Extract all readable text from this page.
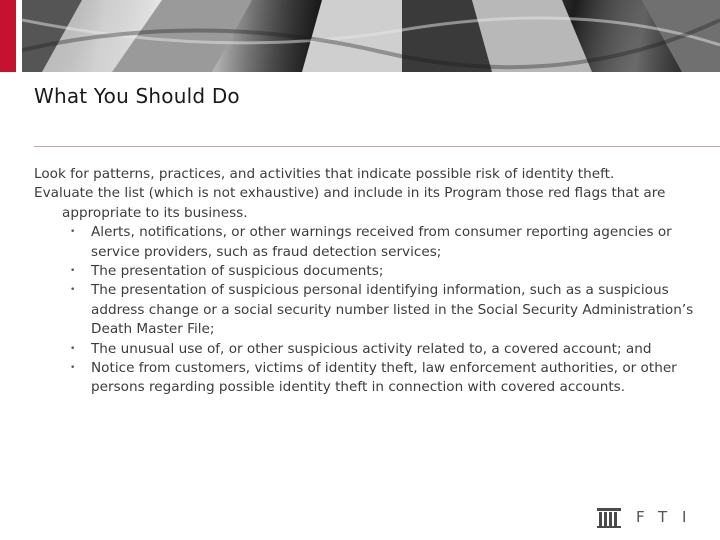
What You Should Do

Look for patterns, practices, and activities that indicate possible risk of identity theft.

Evaluate the list (which is not exhaustive) and include in its Program those red flags that are appropriate to its business.

• Alerts, notifications, or other warnings received from consumer reporting agencies or service providers, such as fraud detection services;
• The presentation of suspicious documents;
• The presentation of suspicious personal identifying information, such as a suspicious address change or a social security number listed in the Social Security Administration’s Death Master File;
• The unusual use of, or other suspicious activity related to, a covered account; and
• Notice from customers, victims of identity theft, law enforcement authorities, or other persons regarding possible identity theft in connection with covered accounts.
F T I
